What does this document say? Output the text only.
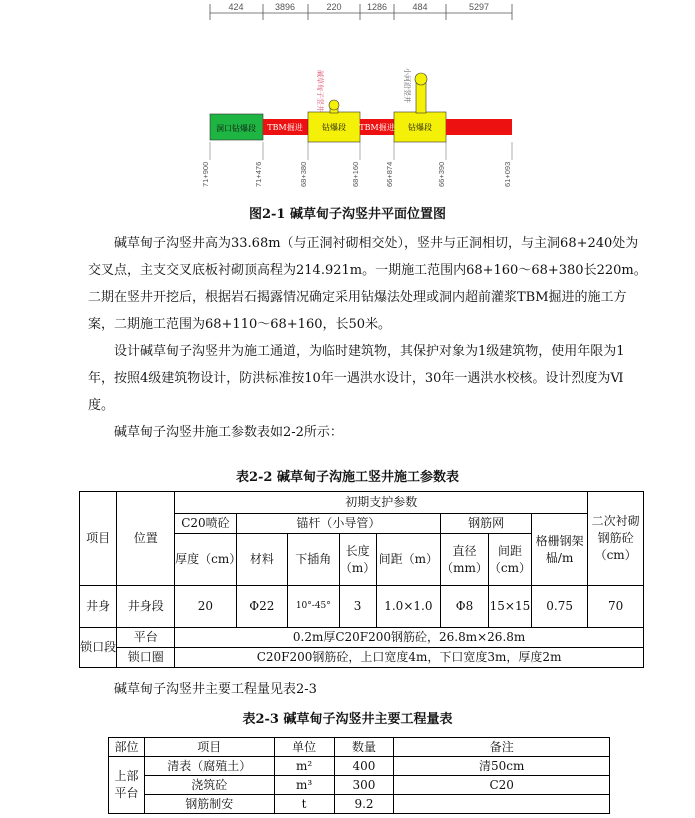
424	3896	220	1286	484	5297
洞口钻爆段 TBM掘进 钻爆段 TBM掘进 钻爆段
碱草甸子竖井	小河沿竖井
71+900	71+476	68+380	68+160	66+874	66+390	61+093
图2-1 碱草甸子沟竖井平面位置图

碱草甸子沟竖井高为33.68m（与正洞衬砌相交处），竖井与正洞相切，与主洞68+240处为交叉点，主支交叉底板衬砌顶高程为214.921m。一期施工范围内68+160～68+380长220m。二期在竖井开挖后，根据岩石揭露情况确定采用钻爆法处理或洞内超前灌浆TBM掘进的施工方案，二期施工范围为68+110～68+160，长50米。

设计碱草甸子沟竖井为施工通道，为临时建筑物，其保护对象为1级建筑物，使用年限为1年，按照4级建筑物设计，防洪标准按10年一遇洪水设计，30年一遇洪水校核。设计烈度为Ⅵ度。

碱草甸子沟竖井施工参数表如2-2所示：

表2-2 碱草甸子沟施工竖井施工参数表
项目	位置	初期支护参数								二次衬砌钢筋砼（cm）
		C20喷砼	锚杆（小导管）				钢筋网		格栅钢架榀/m	
		厚度（cm）	材料	下插角	长度（m）	间距（m）	直径（mm）	间距（cm）		
井身	井身段	20	Φ22	10°-45°	3	1.0×1.0	Φ8	15×15	0.75	70
锁口段	平台	0.2m厚C20F200钢筋砼，26.8m×26.8m								
	锁口圈	C20F200钢筋砼，上口宽度4m，下口宽度3m，厚度2m								

碱草甸子沟竖井主要工程量见表2-3

表2-3 碱草甸子沟竖井主要工程量表
部位	项目	单位	数量	备注
上部平台	清表（腐殖土）	m²	400	清50cm
	浇筑砼	m³	300	C20
	钢筋制安	t	9.2	
